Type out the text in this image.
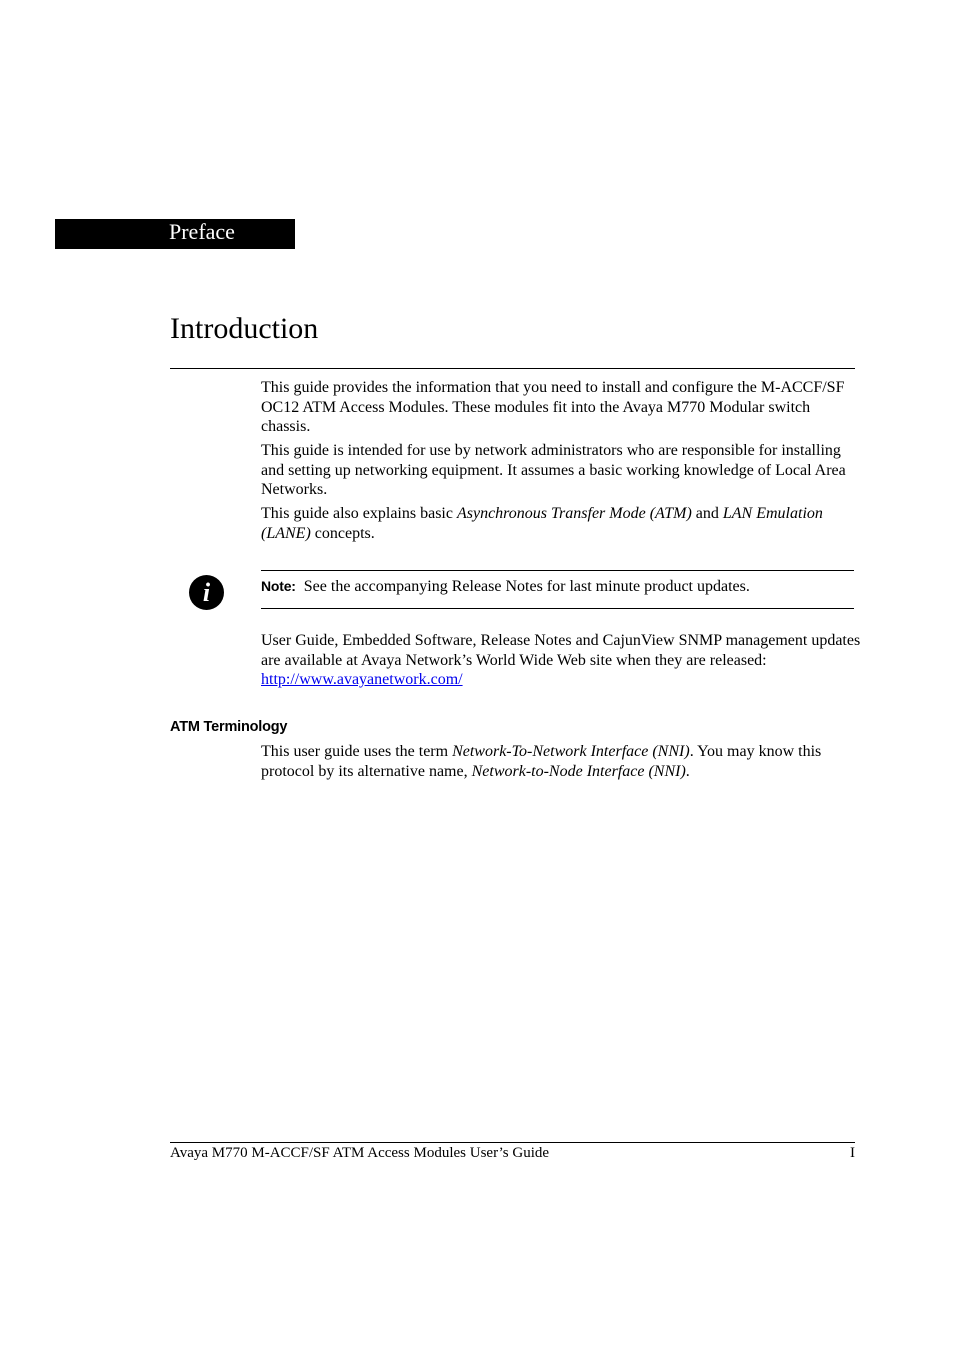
Preface
Introduction

This guide provides the information that you need to install and configure the M-ACCF/SF OC12 ATM Access Modules. These modules fit into the Avaya M770 Modular switch chassis.

This guide is intended for use by network administrators who are responsible for installing and setting up networking equipment. It assumes a basic working knowledge of Local Area Networks.

This guide also explains basic Asynchronous Transfer Mode (ATM) and LAN Emulation (LANE) concepts.

i	Note: See the accompanying Release Notes for last minute product updates.
User Guide, Embedded Software, Release Notes and CajunView SNMP management updates are available at Avaya Network’s World Wide Web site when they are released: http://www.avayanetwork.com/
ATM Terminology
This user guide uses the term Network-To-Network Interface (NNI). You may know this protocol by its alternative name, Network-to-Node Interface (NNI).
Avaya M770 M-ACCF/SF ATM Access Modules User’s Guide	I
